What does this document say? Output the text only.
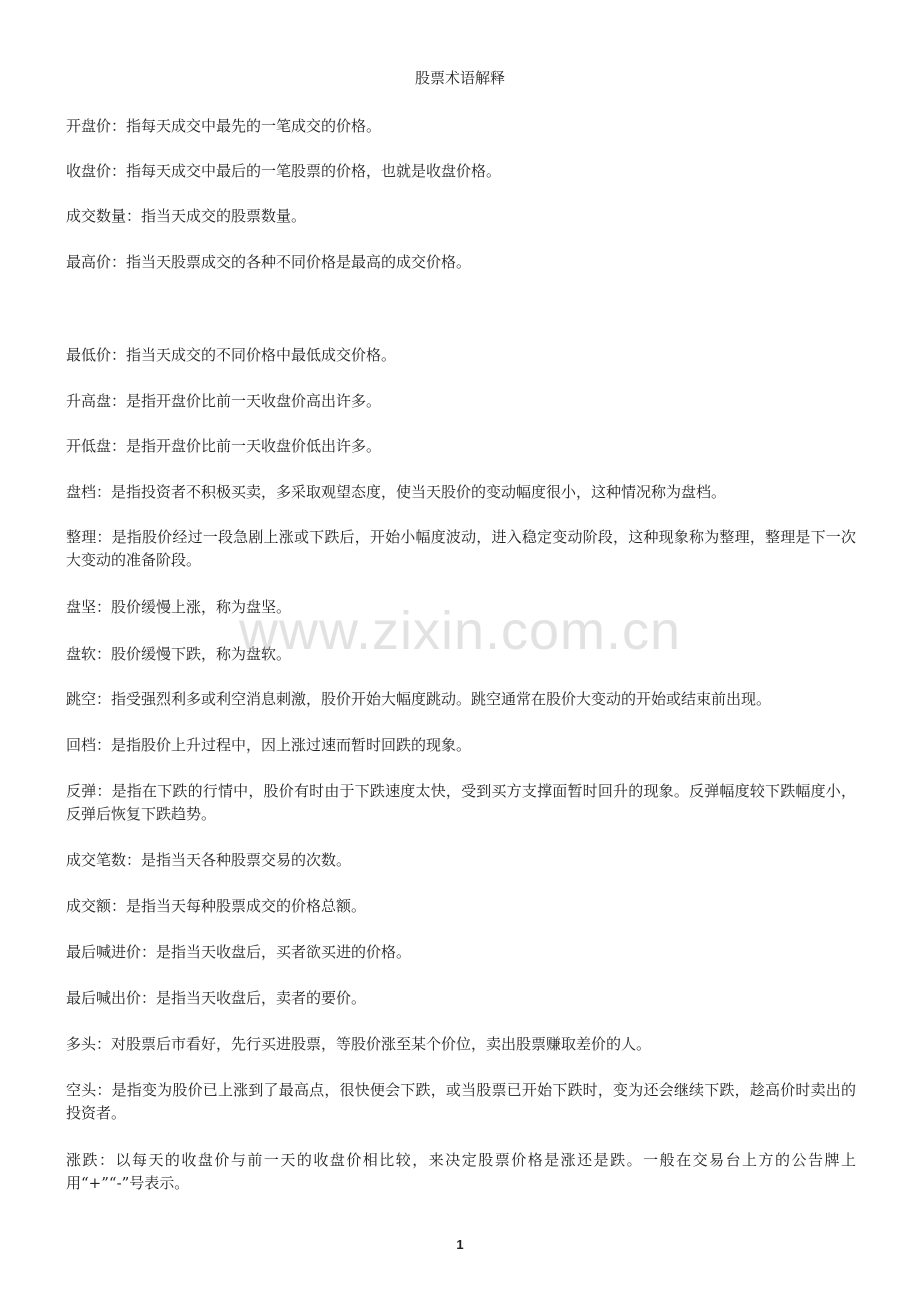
股票术语解释

开盘价：指每天成交中最先的一笔成交的价格。

收盘价：指每天成交中最后的一笔股票的价格，也就是收盘价格。

成交数量：指当天成交的股票数量。

最高价：指当天股票成交的各种不同价格是最高的成交价格。

最低价：指当天成交的不同价格中最低成交价格。

升高盘：是指开盘价比前一天收盘价高出许多。

开低盘：是指开盘价比前一天收盘价低出许多。

盘档：是指投资者不积极买卖，多采取观望态度，使当天股价的变动幅度很小，这种情况称为盘档。

整理：是指股价经过一段急剧上涨或下跌后，开始小幅度波动，进入稳定变动阶段，这种现象称为整理，整理是下一次大变动的准备阶段。

盘坚：股价缓慢上涨，称为盘坚。

盘软：股价缓慢下跌，称为盘软。

跳空：指受强烈利多或利空消息刺激，股价开始大幅度跳动。跳空通常在股价大变动的开始或结束前出现。

回档：是指股价上升过程中，因上涨过速而暂时回跌的现象。

反弹：是指在下跌的行情中，股价有时由于下跌速度太快，受到买方支撑面暂时回升的现象。反弹幅度较下跌幅度小，反弹后恢复下跌趋势。

成交笔数：是指当天各种股票交易的次数。

成交额：是指当天每种股票成交的价格总额。

最后喊进价：是指当天收盘后，买者欲买进的价格。

最后喊出价：是指当天收盘后，卖者的要价。

多头：对股票后市看好，先行买进股票，等股价涨至某个价位，卖出股票赚取差价的人。

空头：是指变为股价已上涨到了最高点，很快便会下跌，或当股票已开始下跌时，变为还会继续下跌，趁高价时卖出的投资者。

涨跌：以每天的收盘价与前一天的收盘价相比较，来决定股票价格是涨还是跌。一般在交易台上方的公告牌上用“+”“-”号表示。

www.zixin.com.cn
1
